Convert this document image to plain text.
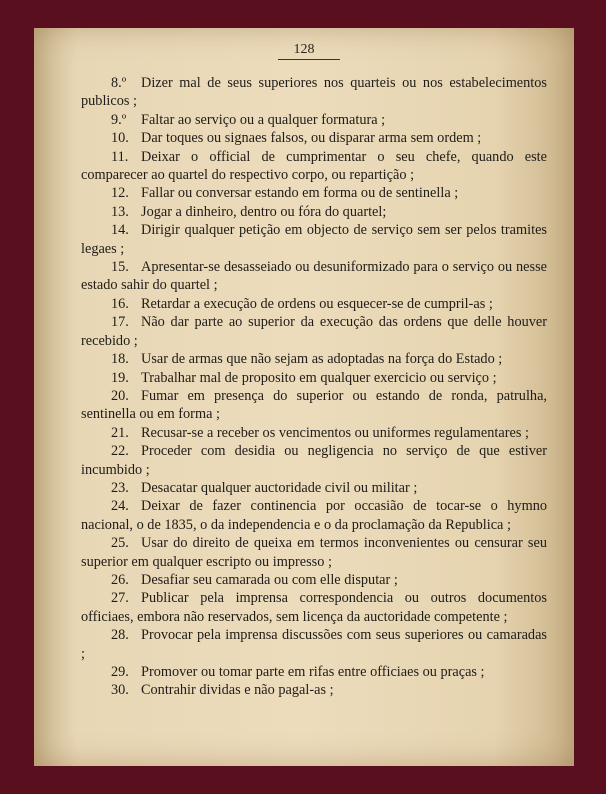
128
8.º Dizer mal de seus superiores nos quarteis ou nos estabelecimentos publicos ;
9.º Faltar ao serviço ou a qualquer formatura ;
10. Dar toques ou signaes falsos, ou disparar arma sem ordem ;
11. Deixar o official de cumprimentar o seu chefe, quando este comparecer ao quartel do respectivo corpo, ou repartição ;
12. Fallar ou conversar estando em forma ou de sentinella ;
13. Jogar a dinheiro, dentro ou fóra do quartel;
14. Dirigir qualquer petição em objecto de serviço sem ser pelos tramites legaes ;
15. Apresentar-se desasseiado ou desuniformizado para o serviço ou nesse estado sahir do quartel ;
16. Retardar a execução de ordens ou esquecer-se de cumpril-as ;
17. Não dar parte ao superior da execução das ordens que delle houver recebido ;
18. Usar de armas que não sejam as adoptadas na força do Estado ;
19. Trabalhar mal de proposito em qualquer exercicio ou serviço ;
20. Fumar em presença do superior ou estando de ronda, patrulha, sentinella ou em forma ;
21. Recusar-se a receber os vencimentos ou uniformes regulamentares ;
22. Proceder com desidia ou negligencia no serviço de que estiver incumbido ;
23. Desacatar qualquer auctoridade civil ou militar ;
24. Deixar de fazer continencia por occasião de tocar-se o hymno nacional, o de 1835, o da independencia e o da proclamação da Republica ;
25. Usar do direito de queixa em termos inconvenientes ou censurar seu superior em qualquer escripto ou impresso ;
26. Desafiar seu camarada ou com elle disputar ;
27. Publicar pela imprensa correspondencia ou outros documentos officiaes, embora não reservados, sem licença da auctoridade competente ;
28. Provocar pela imprensa discussões com seus superiores ou camaradas ;
29. Promover ou tomar parte em rifas entre officiaes ou praças ;
30. Contrahir dividas e não pagal-as ;
